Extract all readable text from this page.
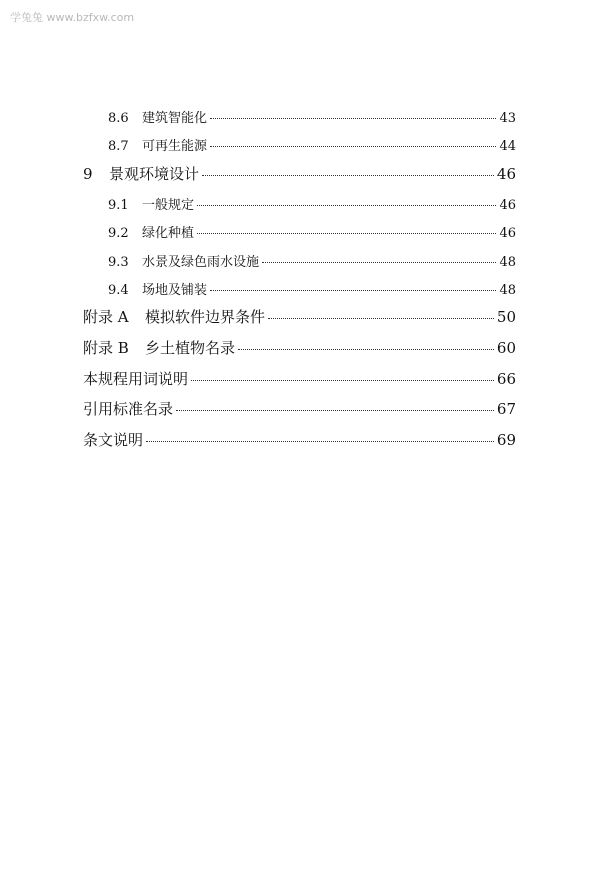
学兔兔 www.bzfxw.com
8.6	建筑智能化	43
8.7	可再生能源	44
9	景观环境设计	46
9.1	一般规定	46
9.2	绿化种植	46
9.3	水景及绿色雨水设施	48
9.4	场地及铺装	48
附录 A	模拟软件边界条件	50
附录 B	乡土植物名录	60
本规程用词说明	66
引用标准名录	67
条文说明	69
